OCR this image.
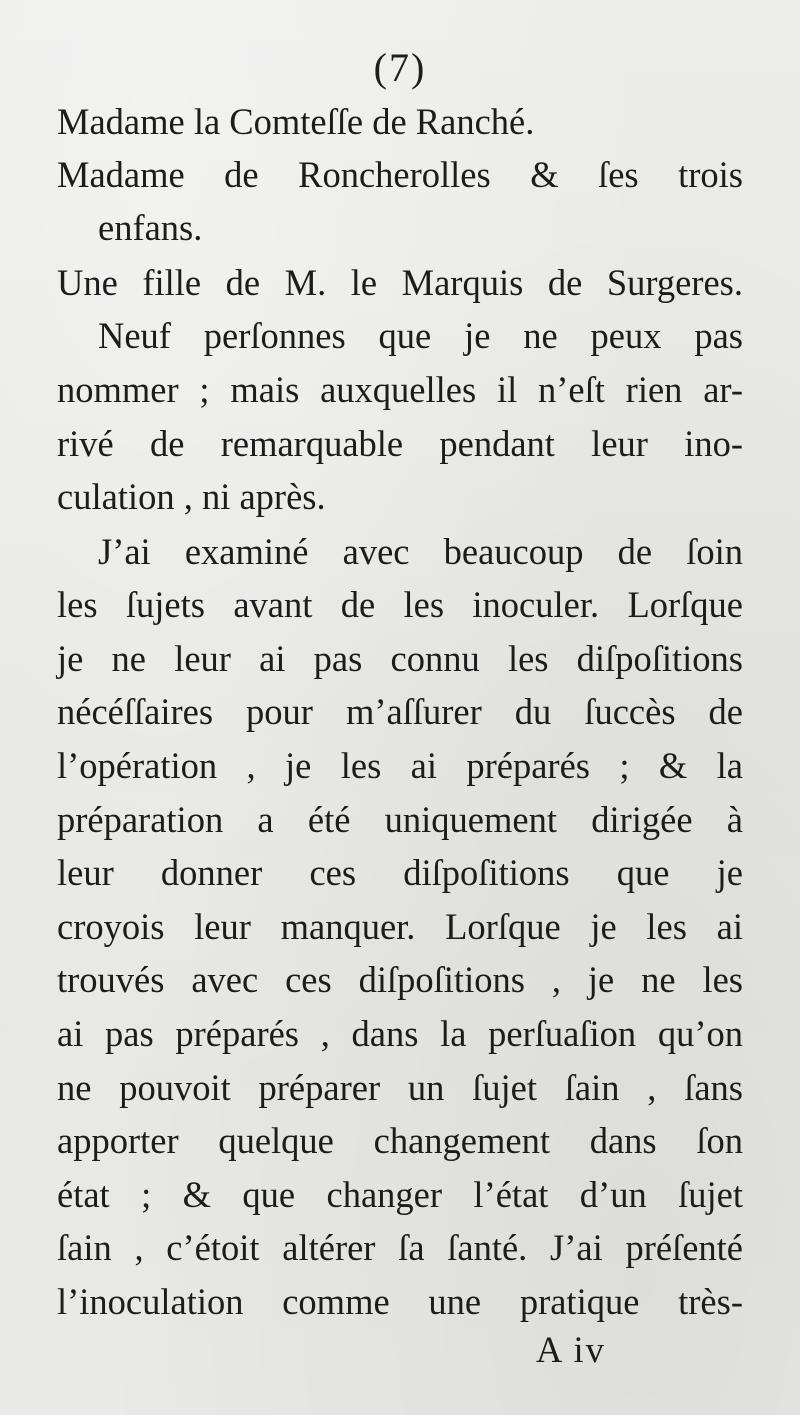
(7)
Madame la Comteſſe de Ranché.
Madame de Roncherolles & ſes trois
enfans.
Une fille de M. le Marquis de Surgeres.
Neuf perſonnes que je ne peux pas
nommer ; mais auxquelles il n’eſt rien ar-
rivé de remarquable pendant leur ino-
culation , ni après.
J’ai examiné avec beaucoup de ſoin
les ſujets avant de les inoculer. Lorſque
je ne leur ai pas connu les diſpoſitions
nécéſſaires pour m’aſſurer du ſuccès de
l’opération , je les ai préparés ; & la
préparation a été uniquement dirigée à
leur donner ces diſpoſitions que je
croyois leur manquer. Lorſque je les ai
trouvés avec ces diſpoſitions , je ne les
ai pas préparés , dans la perſuaſion qu’on
ne pouvoit préparer un ſujet ſain , ſans
apporter quelque changement dans ſon
état ; & que changer l’état d’un ſujet
ſain , c’étoit altérer ſa ſanté. J’ai préſenté
l’inoculation comme une pratique très-
A iv
